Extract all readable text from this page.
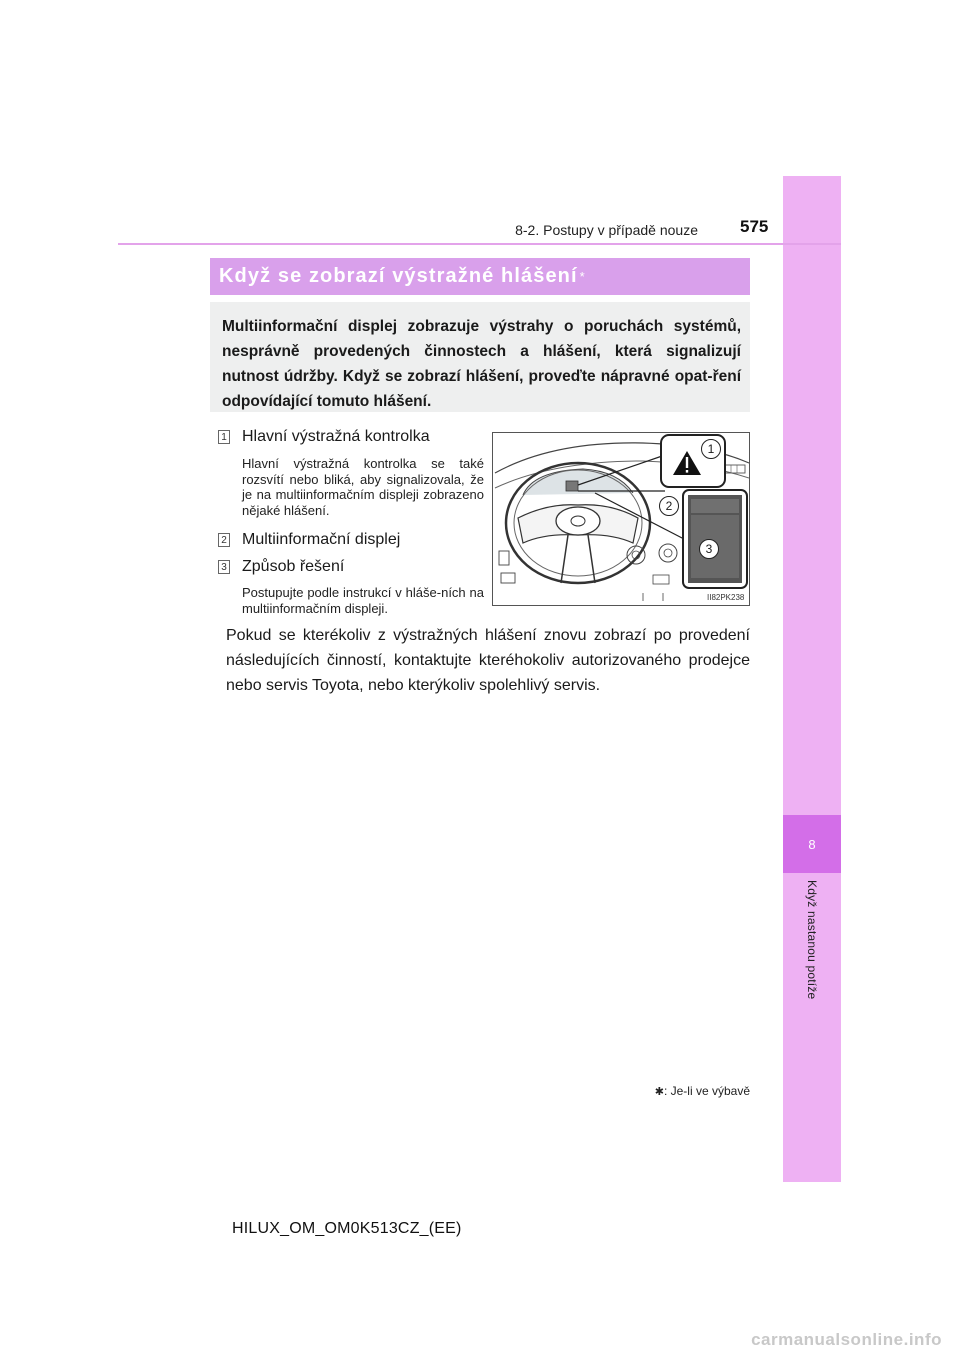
8
Když nastanou potíže
8-2. Postupy v případě nouze 575
Když se zobrazí výstražné hlášení *
Multiinformační displej zobrazuje výstrahy o poruchách systémů, nesprávně provedených činnostech a hlášení, která signalizují nutnost údržby. Když se zobrazí hlášení, proveďte nápravné opat-ření odpovídající tomuto hlášení.
1 Hlavní výstražná kontrolka
Hlavní výstražná kontrolka se také rozsvítí nebo bliká, aby signalizovala, že je na multiinformačním displeji zobrazeno nějaké hlášení.
2 Multiinformační displej
3 Způsob řešení
Postupujte podle instrukcí v hláše-ních na multiinformačním displeji.
1
2
3
II82PK238
Pokud se kterékoliv z výstražných hlášení znovu zobrazí po provedení následujících činností, kontaktujte kteréhokoliv autorizovaného prodejce nebo servis Toyota, nebo kterýkoliv spolehlivý servis.
✱: Je-li ve výbavě
HILUX_OM_OM0K513CZ_(EE)
carmanualsonline.info
